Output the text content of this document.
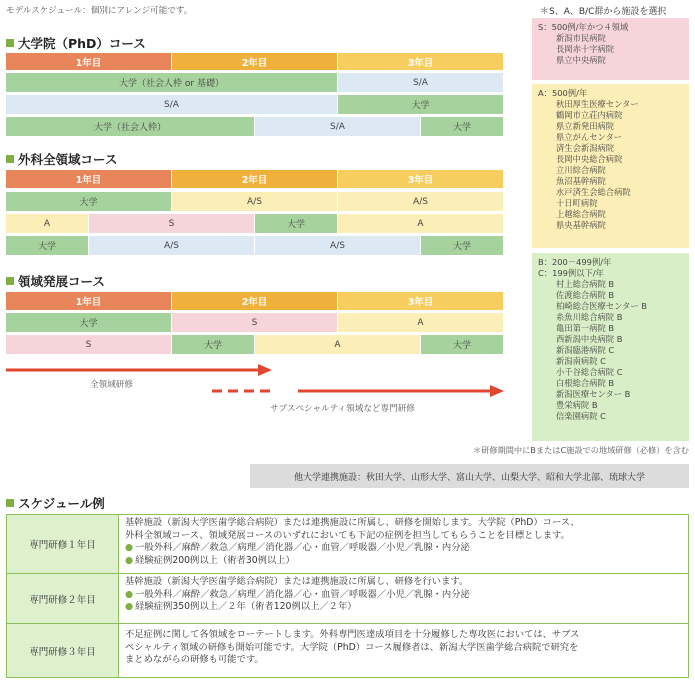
モデルスケジュール：個別にアレンジ可能です。
大学院（PhD）コース
1年目	2年目	3年目
大学（社会人枠 or 基礎）	S/A
S/A	大学
大学（社会人枠）	S/A	大学
外科全領域コース
1年目	2年目	3年目
大学	A/S	A/S
A	S	大学	A
大学	A/S	A/S	大学
領域発展コース
1年目	2年目	3年目
大学	S	A
S	大学	A	大学
全領域研修
サブスペシャルティ領域など専門研修
＊S、A、B/C群から施設を選択
S：500例/年かつ４領域
新潟市民病院
長岡赤十字病院
県立中央病院
A：500例/年
秋田厚生医療センター
鶴岡市立荘内病院
県立新発田病院
県立がんセンター
済生会新潟病院
長岡中央総合病院
立川綜合病院
魚沼基幹病院
水戸済生会総合病院
十日町病院
上越総合病院
県央基幹病院
B：200－499例/年
C：199例以下/年
村上総合病院 B
佐渡総合病院 B
柏崎総合医療センター B
糸魚川総合病院 B
亀田第一病院 B
西新潟中央病院 B
新潟臨港病院 C
新潟南病院 C
小千谷総合病院 C
白根総合病院 B
新潟医療センター B
豊栄病院 B
信楽園病院 C
＊研修期間中にBまたはC施設での地域研修（必修）を含む
他大学連携施設：秋田大学、山形大学、富山大学、山梨大学、昭和大学北部、琉球大学
スケジュール例
専門研修１年目
基幹施設（新潟大学医歯学総合病院）または連携施設に所属し、研修を開始します。大学院（PhD）コース、
外科全領域コース、領域発展コースのいずれにおいても下記の症例を担当してもらうことを目標とします。
● 一般外科／麻酔／救急／病理／消化器／心・血管／呼吸器／小児／乳腺・内分泌
● 経験症例200例以上（術者30例以上）
専門研修２年目
基幹施設（新潟大学医歯学総合病院）または連携施設に所属し、研修を行います。
● 一般外科／麻酔／救急／病理／消化器／心・血管／呼吸器／小児／乳腺・内分泌
● 経験症例350例以上／２年（術者120例以上／２年）
専門研修３年目
不足症例に関して各領域をローテートします。外科専門医達成項目を十分履修した専攻医においては、サブス
ペシャルティ領域の研修も開始可能です。大学院（PhD）コース履修者は、新潟大学医歯学総合病院で研究を
まとめながらの研修も可能です。
